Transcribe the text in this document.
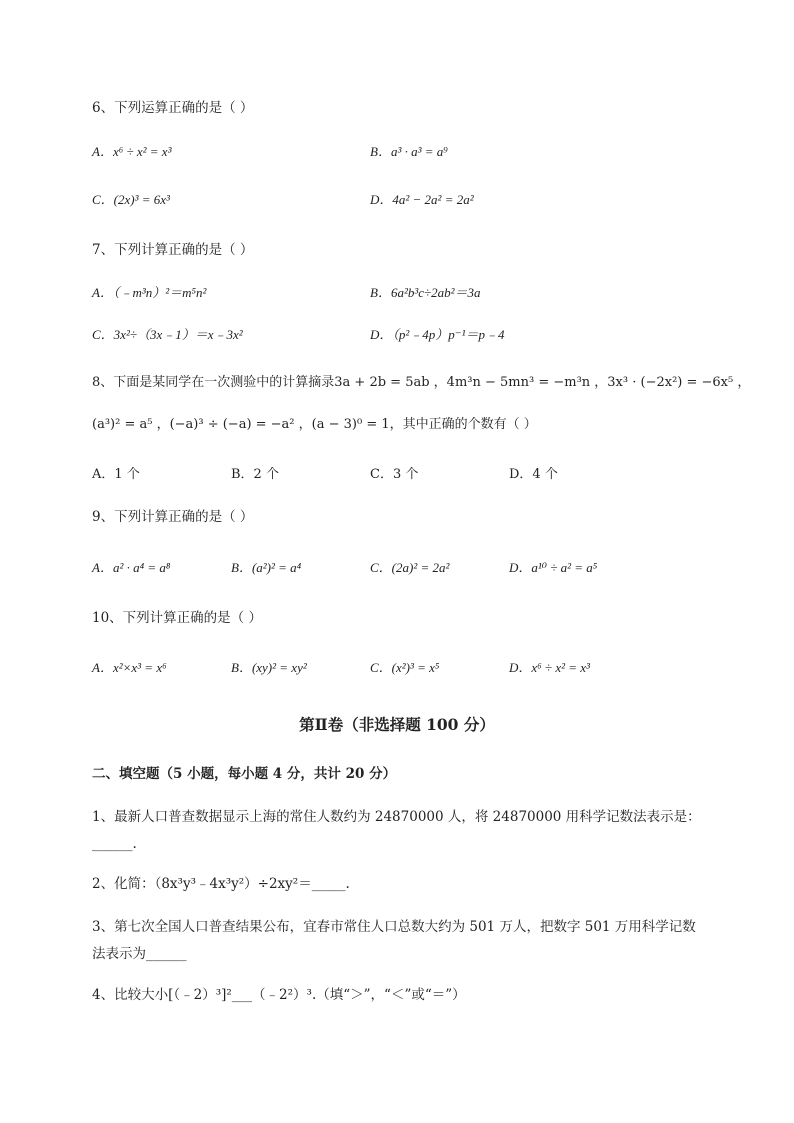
6、下列运算正确的是（ ）
A．x⁶ ÷ x² = x³	B．a³ · a³ = a⁹
C．(2x)³ = 6x³	D．4a² − 2a² = 2a²
7、下列计算正确的是（ ）
A．（﹣m³n）²＝m⁵n²	B．6a²b³c÷2ab²＝3a
C．3x²÷（3x﹣1）＝x﹣3x²	D．（p²﹣4p）p⁻¹＝p﹣4
8、下面是某同学在一次测验中的计算摘录3a + 2b = 5ab ，4m³n − 5mn³ = −m³n ，3x³ · (−2x²) = −6x⁵ ，
(a³)² = a⁵ ，(−a)³ ÷ (−a) = −a² ，(a − 3)⁰ = 1，其中正确的个数有（ ）
A．1 个	B．2 个	C．3 个	D．4 个
9、下列计算正确的是（ ）
A．a² · a⁴ = a⁸	B．(a²)² = a⁴	C．(2a)² = 2a²	D．a¹⁰ ÷ a² = a⁵
10、下列计算正确的是（ ）
A．x²×x³ = x⁶	B．(xy)² = xy²	C．(x²)³ = x⁵	D．x⁶ ÷ x² = x³
第Ⅱ卷（非选择题 100 分）
二、填空题（5 小题，每小题 4 分，共计 20 分）
1、最新人口普查数据显示上海的常住人数约为 24870000 人，将 24870000 用科学记数法表示是：
______.
2、化简：（8x³y³﹣4x³y²）÷2xy²＝_____.
3、第七次全国人口普查结果公布，宜春市常住人口总数大约为 501 万人，把数字 501 万用科学记数
法表示为______
4、比较大小[（﹣2）³]²___（﹣2²）³.（填“＞”，“＜”或“＝”）
